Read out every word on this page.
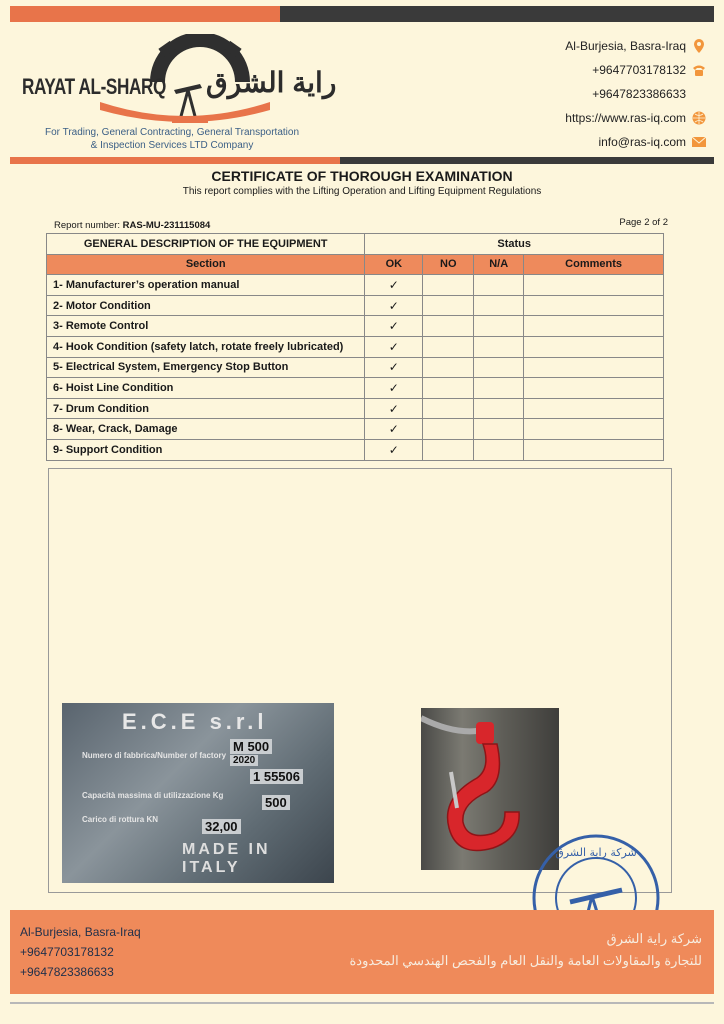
RAYAT AL-SHARQ راية الشرق
For Trading, General Contracting, General Transportation
& Inspection Services LTD Company
Al-Burjesia, Basra-Iraq
+9647703178132
+9647823386633
https://www.ras-iq.com
info@ras-iq.com
CERTIFICATE OF THOROUGH EXAMINATION
This report complies with the Lifting Operation and Lifting Equipment Regulations
Report number: RAS-MU-231115084	Page 2 of 2
GENERAL DESCRIPTION OF THE EQUIPMENT	Status			
Section	OK	NO	N/A	Comments
1- Manufacturer’s operation manual	✓			
2- Motor Condition	✓			
3- Remote Control	✓			
4- Hook Condition (safety latch, rotate freely lubricated)	✓			
5- Electrical System, Emergency Stop Button	✓			
6- Hoist Line Condition	✓			
7- Drum Condition	✓			
8- Wear, Crack, Damage	✓			
9- Support Condition	✓			
E.C.E s.r.l
Numero di fabbrica/Number of factory
M 500
2020
1 55506
Capacità massima di utilizzazione Kg	500
Carico di rottura KN	32,00
MADE IN ITALY
شركة راية الشرق
Al-Burjesia, Basra-Iraq
+9647703178132
+9647823386633
شركة راية الشرق
للتجارة والمقاولات العامة والنقل العام والفحص الهندسي المحدودة
